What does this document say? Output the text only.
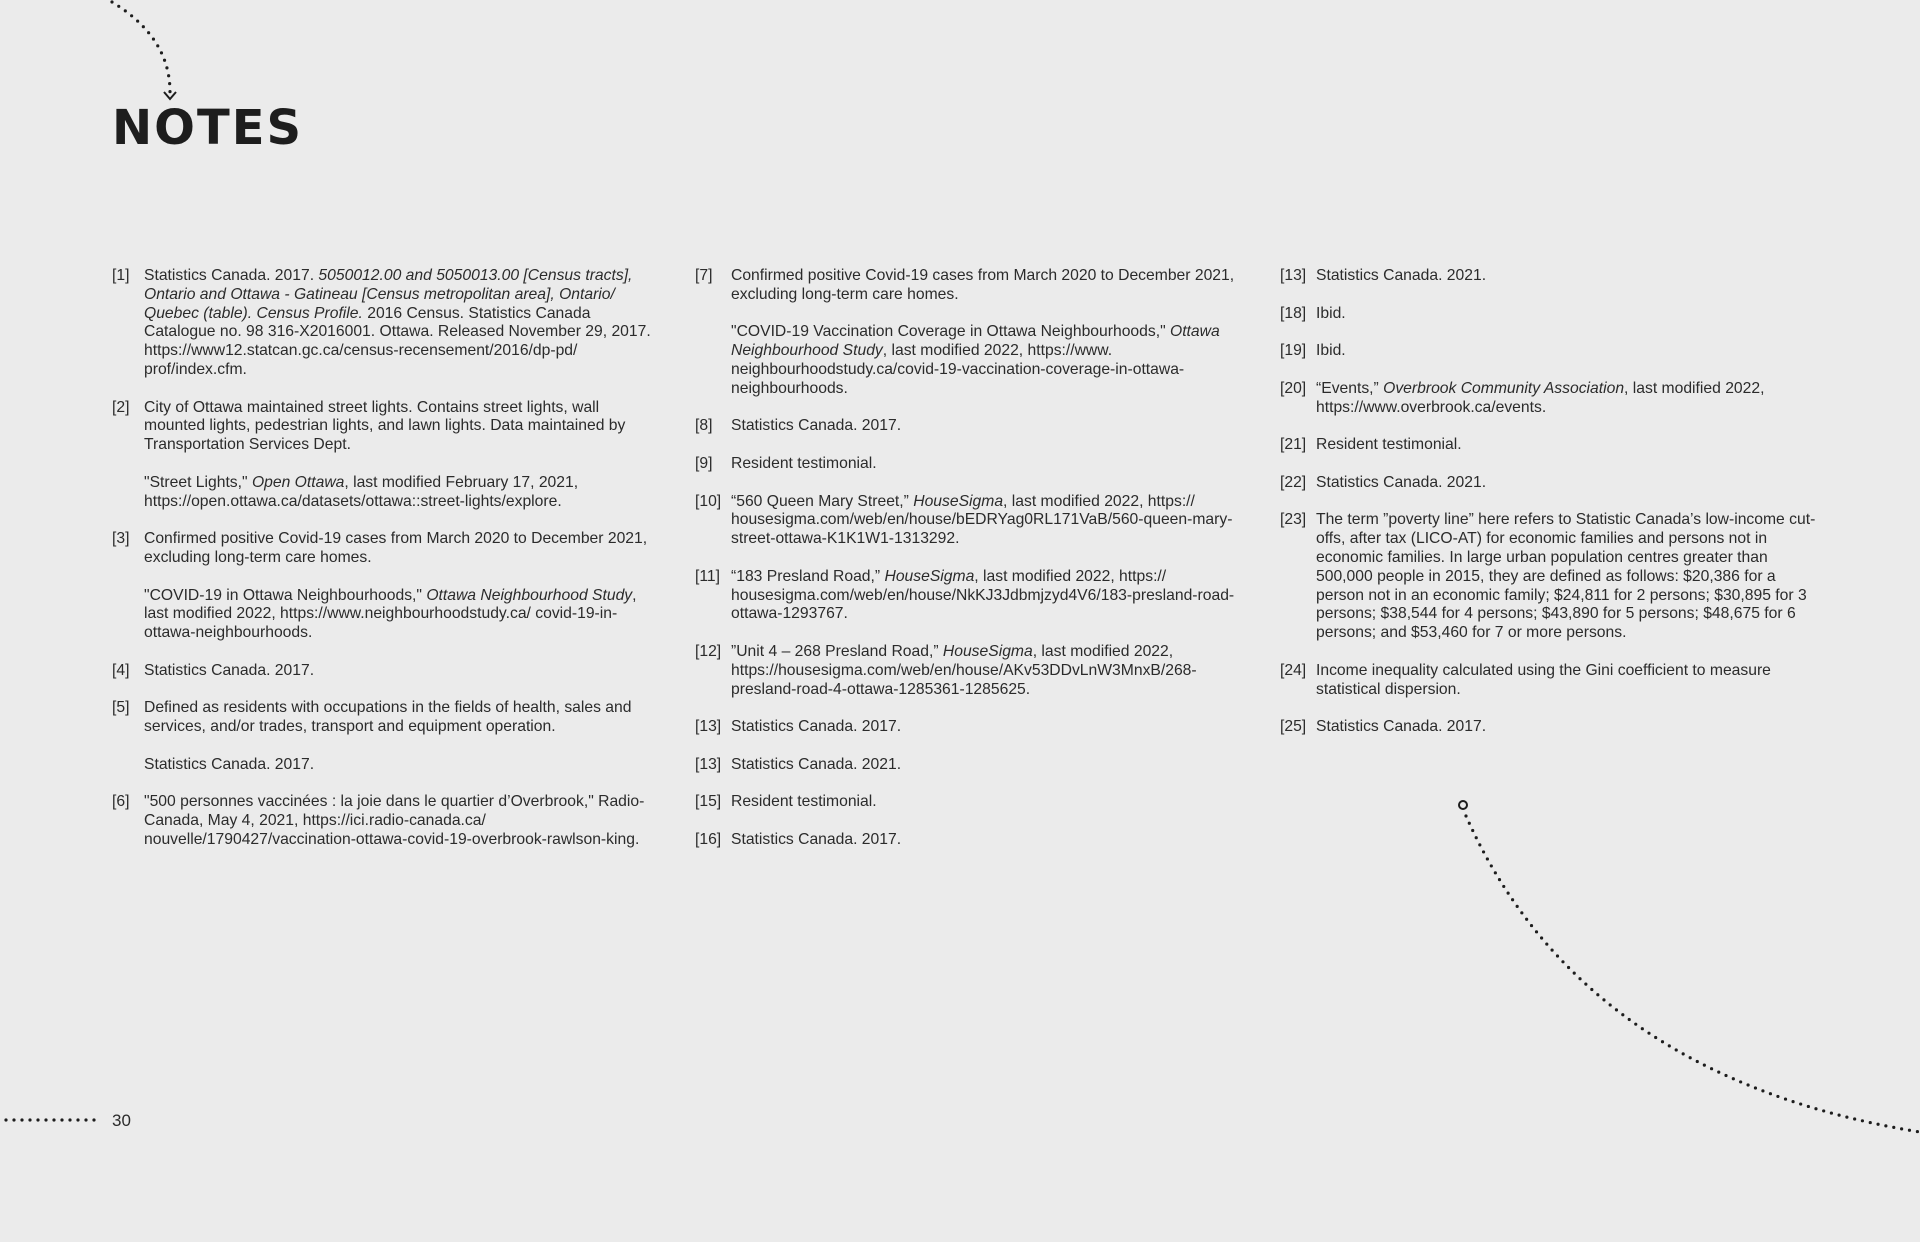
NOTES
[1] Statistics Canada. 2017. 5050012.00 and 5050013.00 [Census tracts], Ontario and Ottawa - Gatineau [Census metropolitan area], Ontario/ Quebec (table). Census Profile. 2016 Census. Statistics Canada Catalogue no. 98 316-X2016001. Ottawa. Released November 29, 2017. https://www12.statcan.gc.ca/census-recensement/2016/dp-pd/ prof/index.cfm.

[2] City of Ottawa maintained street lights. Contains street lights, wall mounted lights, pedestrian lights, and lawn lights. Data maintained by Transportation Services Dept.

"Street Lights," Open Ottawa, last modified February 17, 2021, https://open.ottawa.ca/datasets/ottawa::street-lights/explore.

[3] Confirmed positive Covid-19 cases from March 2020 to December 2021, excluding long-term care homes.

"COVID-19 in Ottawa Neighbourhoods," Ottawa Neighbourhood Study, last modified 2022, https://www.neighbourhoodstudy.ca/ covid-19-in-ottawa-neighbourhoods.

[4] Statistics Canada. 2017.

[5] Defined as residents with occupations in the fields of health, sales and services, and/or trades, transport and equipment operation.

Statistics Canada. 2017.

[6] "500 personnes vaccinées : la joie dans le quartier d’Overbrook," Radio-Canada, May 4, 2021, https://ici.radio-canada.ca/ nouvelle/1790427/vaccination-ottawa-covid-19-overbrook-rawlson-king.

[7]	Confirmed positive Covid-19 cases from March 2020 to December 2021, excluding long-term care homes.

"COVID-19 Vaccination Coverage in Ottawa Neighbourhoods," Ottawa Neighbourhood Study, last modified 2022, https://www. neighbourhoodstudy.ca/covid-19-vaccination-coverage-in-ottawa-neighbourhoods.

[8]	Statistics Canada. 2017.

[9]	Resident testimonial.

[10] “560 Queen Mary Street,” HouseSigma, last modified 2022, https:// housesigma.com/web/en/house/bEDRYag0RL171VaB/560-queen-mary-street-ottawa-K1K1W1-1313292.

[11] “183 Presland Road,” HouseSigma, last modified 2022, https:// housesigma.com/web/en/house/NkKJ3Jdbmjzyd4V6/183-presland-road-ottawa-1293767.

[12] ”Unit 4 – 268 Presland Road,” HouseSigma, last modified 2022, https://housesigma.com/web/en/house/AKv53DDvLnW3MnxB/268-presland-road-4-ottawa-1285361-1285625.

[13] Statistics Canada. 2017.

[13] Statistics Canada. 2021.

[15] Resident testimonial.

[16] Statistics Canada. 2017.

[13] Statistics Canada. 2021.

[18] Ibid.

[19] Ibid.

[20] “Events,” Overbrook Community Association, last modified 2022, https://www.overbrook.ca/events.

[21] Resident testimonial.

[22] Statistics Canada. 2021.

[23] The term ”poverty line” here refers to Statistic Canada’s low-income cut-offs, after tax (LICO-AT) for economic families and persons not in economic families. In large urban population centres greater than 500,000 people in 2015, they are defined as follows: $20,386 for a person not in an economic family; $24,811 for 2 persons; $30,895 for 3 persons; $38,544 for 4 persons; $43,890 for 5 persons; $48,675 for 6 persons; and $53,460 for 7 or more persons.

[24] Income inequality calculated using the Gini coefficient to measure statistical dispersion.

[25] Statistics Canada. 2017.

30
